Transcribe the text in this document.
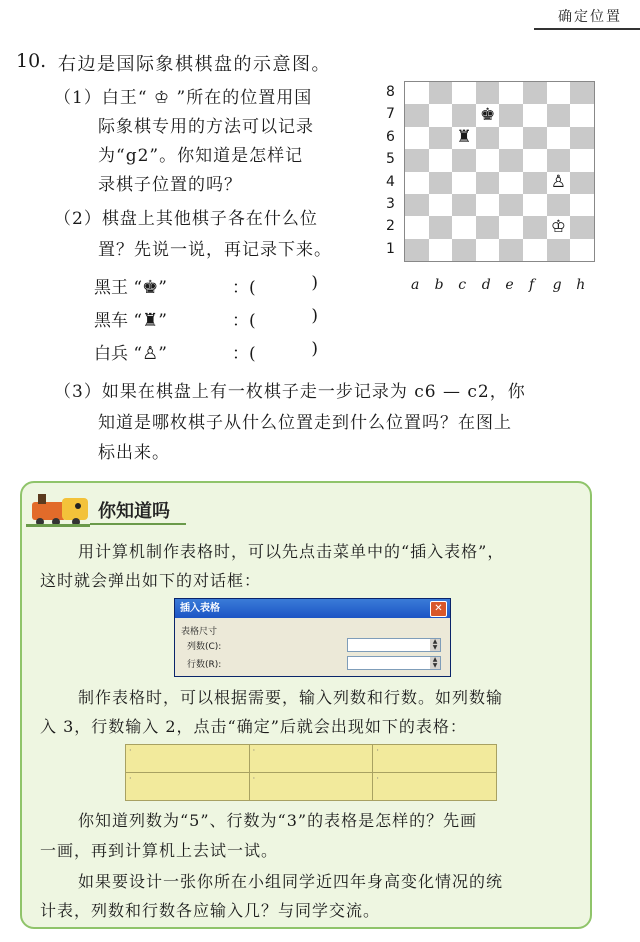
确定位置
10. 右边是国际象棋棋盘的示意图。
（1）白王“ ♔ ”所在的位置用国
际象棋专用的方法可以记录
为“g2”。你知道是怎样记
录棋子位置的吗？
（2）棋盘上其他棋子各在什么位
置？先说一说，再记录下来。
黑王 “♚”	：(	)
黑车 “♜”	：(	)
白兵 “♙”	：(	)
（3）如果在棋盘上有一枚棋子走一步记录为 c6 — c2，你
知道是哪枚棋子从什么位置走到什么位置吗？在图上
标出来。
8
7
6
5
4
3
2
1
♚
♜
♙
♔
a b c d e f g h
你知道吗
用计算机制作表格时，可以先点击菜单中的“插入表格”，
这时就会弹出如下的对话框：
插入表格	✕
表格尺寸
列数(C):
▲
▼
行数(R):
▲
▼
制作表格时，可以根据需要，输入列数和行数。如列数输
入 3，行数输入 2，点击“确定”后就会出现如下的表格：
·	·	·

·	·	·
你知道列数为“5”、行数为“3”的表格是怎样的？先画
一画，再到计算机上去试一试。
如果要设计一张你所在小组同学近四年身高变化情况的统
计表，列数和行数各应输入几？与同学交流。
